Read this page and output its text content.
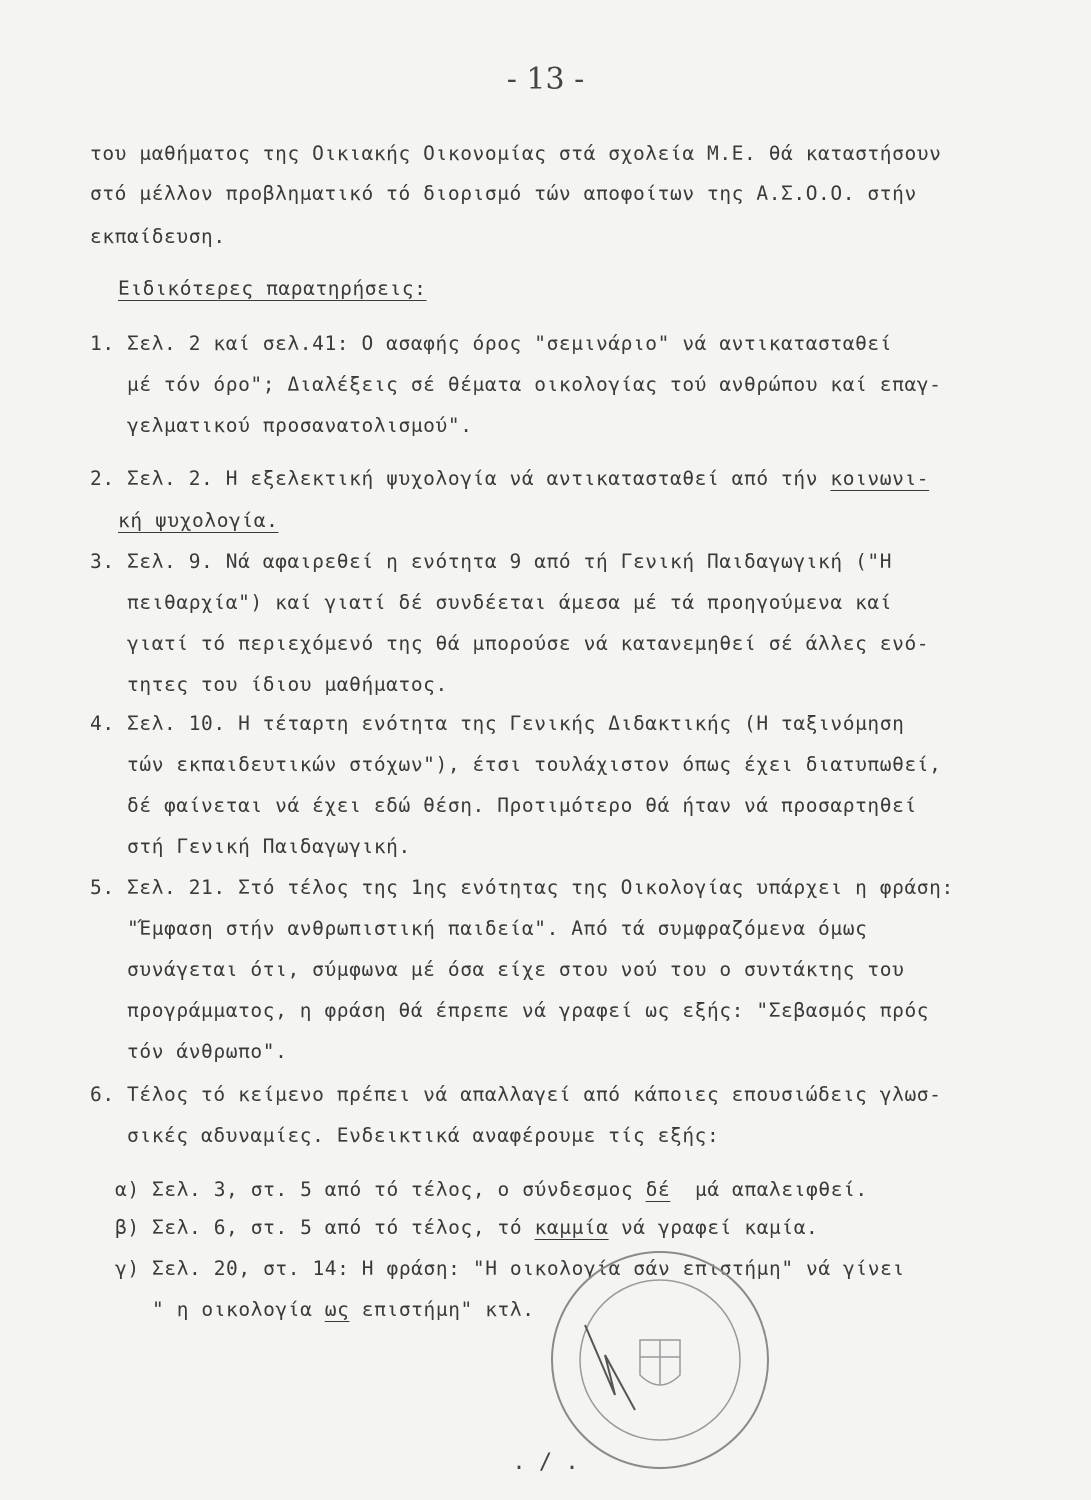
- 13 -
του μαθήματος της Οικιακής Οικονομίας στά σχολεία Μ.Ε. θά καταστήσουν
στό μέλλον προβληματικό τό διορισμό τών αποφοίτων της Α.Σ.Ο.Ο. στήν
εκπαίδευση.
Ειδικότερες παρατηρήσεις:
1. Σελ. 2 καί σελ.41: Ο ασαφής όρος "σεμινάριο" νά αντικατασταθεί
μέ τόν όρο"; Διαλέξεις σέ θέματα οικολογίας τού ανθρώπου καί επαγ-
γελματικού προσανατολισμού".
2. Σελ. 2. Η εξελεκτική ψυχολογία νά αντικατασταθεί από τήν κοινωνι-
κή ψυχολογία.
3. Σελ. 9. Νά αφαιρεθεί η ενότητα 9 από τή Γενική Παιδαγωγική ("Η
πειθαρχία") καί γιατί δέ συνδέεται άμεσα μέ τά προηγούμενα καί
γιατί τό περιεχόμενό της θά μπορούσε νά κατανεμηθεί σέ άλλες ενό-
τητες του ίδιου μαθήματος.
4. Σελ. 10. Η τέταρτη ενότητα της Γενικής Διδακτικής (Η ταξινόμηση
τών εκπαιδευτικών στόχων"), έτσι τουλάχιστον όπως έχει διατυπωθεί,
δέ φαίνεται νά έχει εδώ θέση. Προτιμότερο θά ήταν νά προσαρτηθεί
στή Γενική Παιδαγωγική.
5. Σελ. 21. Στό τέλος της 1ης ενότητας της Οικολογίας υπάρχει η φράση:
"Έμφαση στήν ανθρωπιστική παιδεία". Από τά συμφραζόμενα όμως
συνάγεται ότι, σύμφωνα μέ όσα είχε στου νού του ο συντάκτης του
προγράμματος, η φράση θά έπρεπε νά γραφεί ως εξής: "Σεβασμός πρός
τόν άνθρωπο".
6. Τέλος τό κείμενο πρέπει νά απαλλαγεί από κάποιες επουσιώδεις γλωσ-
σικές αδυναμίες. Ενδεικτικά αναφέρουμε τίς εξής:
α) Σελ. 3, στ. 5 από τό τέλος, ο σύνδεσμος δέ  μά απαλειφθεί.
β) Σελ. 6, στ. 5 από τό τέλος, τό καμμία νά γραφεί καμία.
γ) Σελ. 20, στ. 14: Η φράση: "Η οικολογία σάν επιστήμη" νά γίνει
" η οικολογία ως επιστήμη" κτλ.
. / .
